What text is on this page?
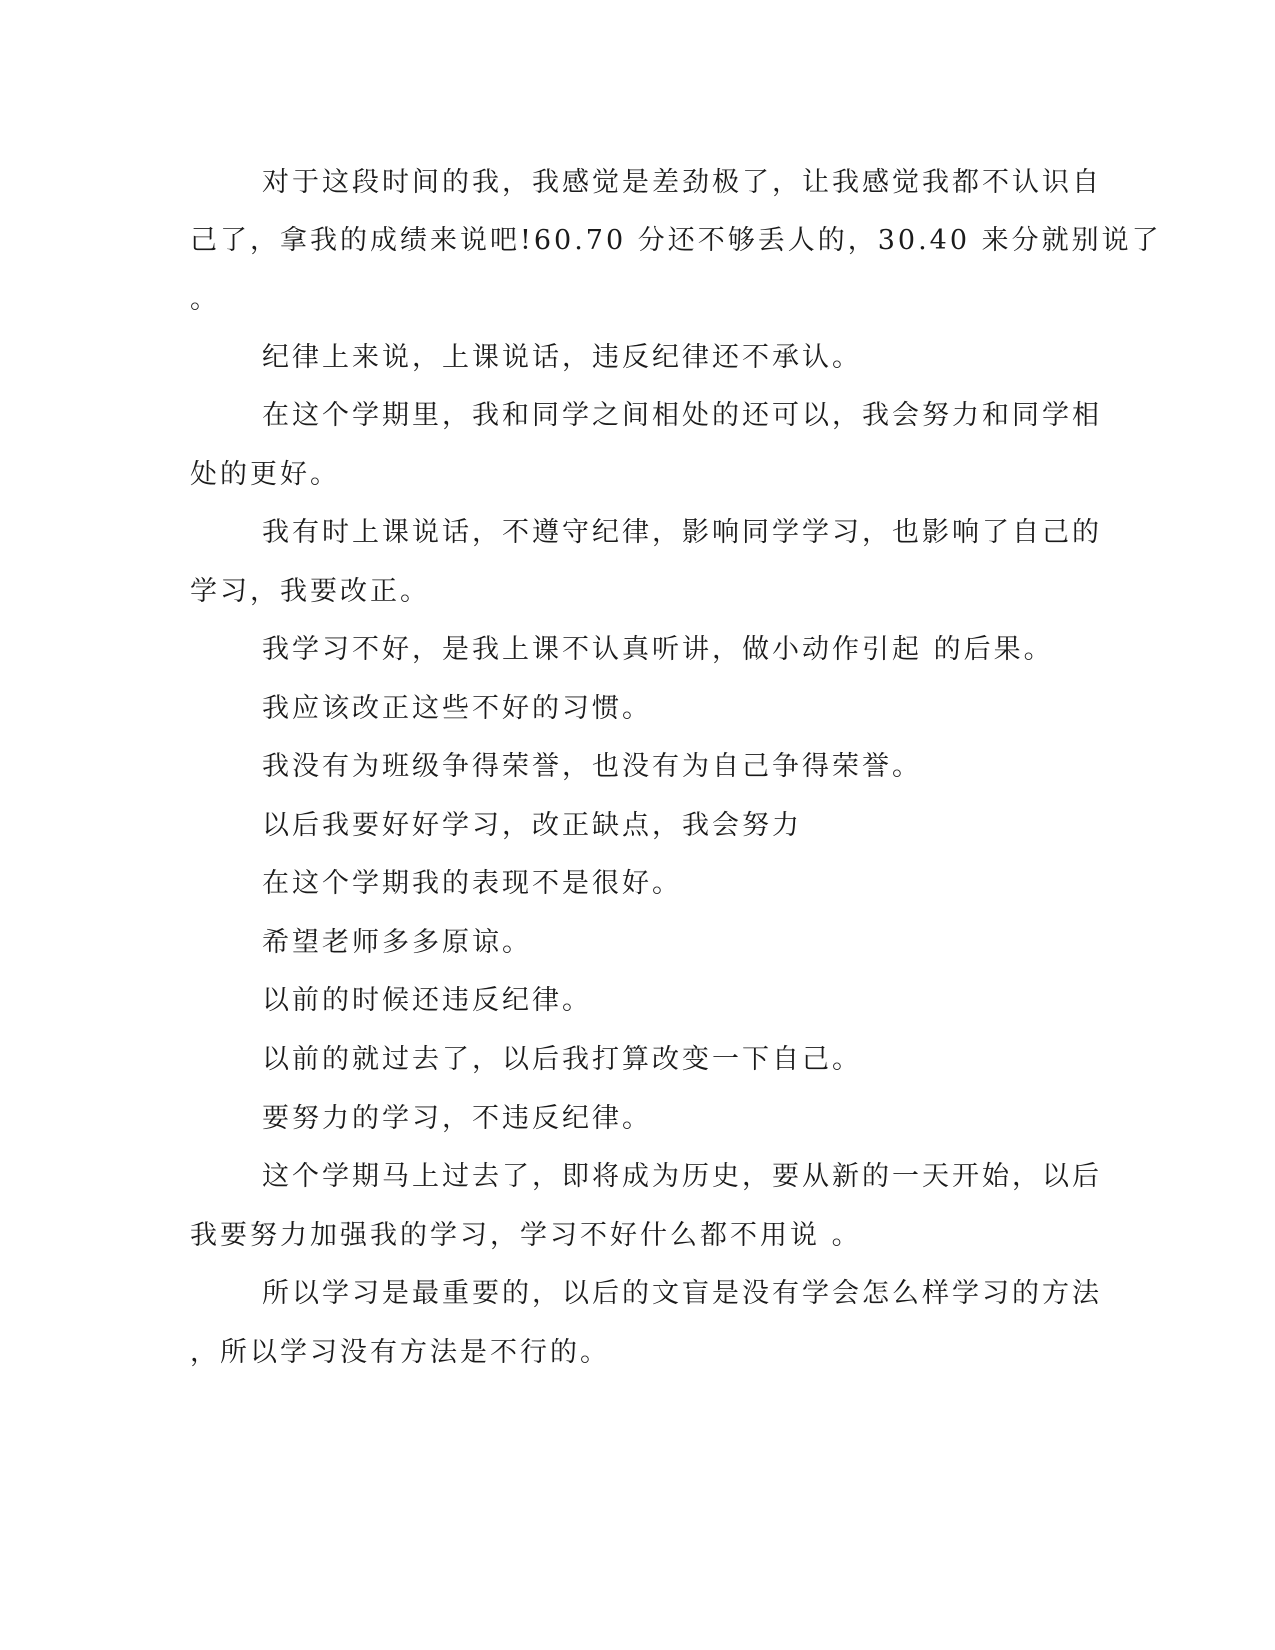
对于这段时间的我，我感觉是差劲极了，让我感觉我都不认识自
己了，拿我的成绩来说吧!60.70 分还不够丢人的，30.40 来分就别说了
。
纪律上来说，上课说话，违反纪律还不承认。
在这个学期里，我和同学之间相处的还可以，我会努力和同学相
处的更好。
我有时上课说话，不遵守纪律，影响同学学习，也影响了自己的
学习，我要改正。
我学习不好，是我上课不认真听讲，做小动作引起 的后果。
我应该改正这些不好的习惯。
我没有为班级争得荣誉，也没有为自己争得荣誉。
以后我要好好学习，改正缺点，我会努力
在这个学期我的表现不是很好。
希望老师多多原谅。
以前的时候还违反纪律。
以前的就过去了，以后我打算改变一下自己。
要努力的学习，不违反纪律。
这个学期马上过去了，即将成为历史，要从新的一天开始，以后
我要努力加强我的学习，学习不好什么都不用说 。
所以学习是最重要的，以后的文盲是没有学会怎么样学习的方法
，所以学习没有方法是不行的。
